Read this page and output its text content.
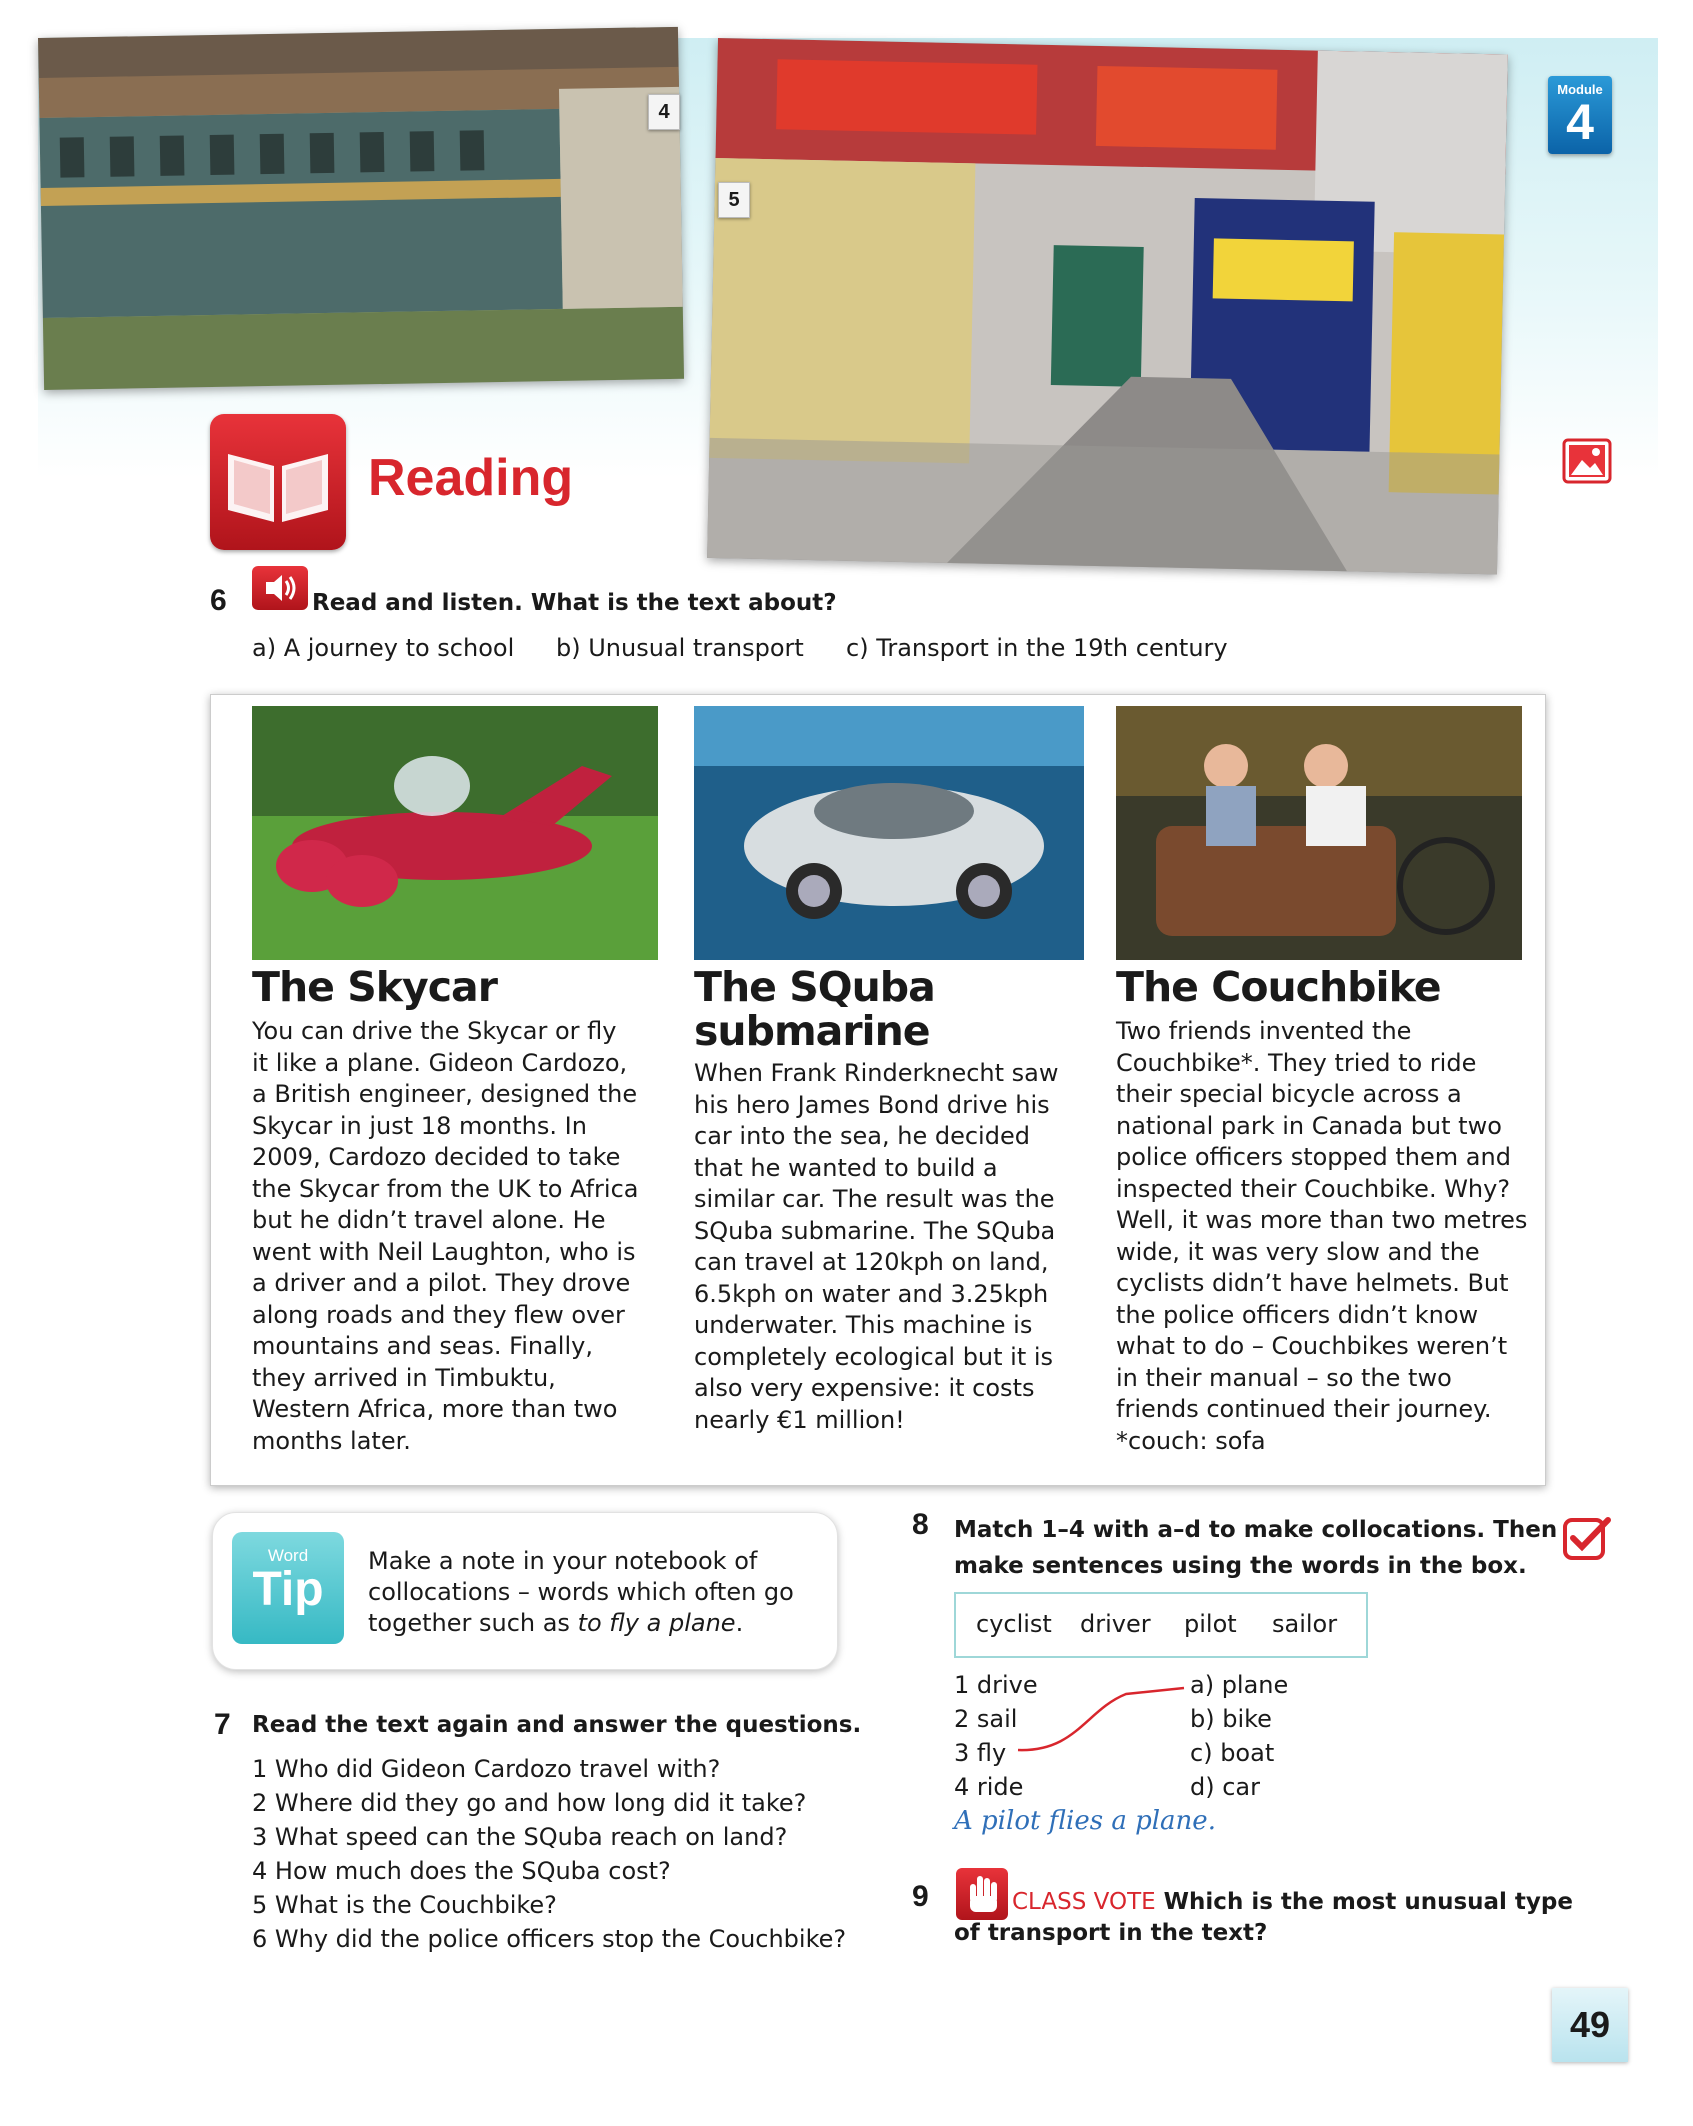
4
5
Module
4
Reading
6	Read and listen. What is the text about?
a) A journey to school b) Unusual transport c) Transport in the 19th century
The Skycar
You can drive the Skycar or fly
it like a plane. Gideon Cardozo,
a British engineer, designed the
Skycar in just 18 months. In
2009, Cardozo decided to take
the Skycar from the UK to Africa
but he didn’t travel alone. He
went with Neil Laughton, who is
a driver and a pilot. They drove
along roads and they flew over
mountains and seas. Finally,
they arrived in Timbuktu,
Western Africa, more than two
months later.
The SQuba
submarine
When Frank Rinderknecht saw
his hero James Bond drive his
car into the sea, he decided
that he wanted to build a
similar car. The result was the
SQuba submarine. The SQuba
can travel at 120kph on land,
6.5kph on water and 3.25kph
underwater. This machine is
completely ecological but it is
also very expensive: it costs
nearly €1 million!
The Couchbike
Two friends invented the
Couchbike*. They tried to ride
their special bicycle across a
national park in Canada but two
police officers stopped them and
inspected their Couchbike. Why?
Well, it was more than two metres
wide, it was very slow and the
cyclists didn’t have helmets. But
the police officers didn’t know
what to do – Couchbikes weren’t
in their manual – so the two
friends continued their journey.
*couch: sofa
Word
Tip
Make a note in your notebook of
collocations – words which often go
together such as to fly a plane.
7 Read the text again and answer the questions.
1 Who did Gideon Cardozo travel with?
2 Where did they go and how long did it take?
3 What speed can the SQuba reach on land?
4 How much does the SQuba cost?
5 What is the Couchbike?
6 Why did the police officers stop the Couchbike?
8 Match 1–4 with a–d to make collocations. Then
make sentences using the words in the box.
cyclist driver pilot sailor
1 drive
2 sail
3 fly
4 ride
a) plane
b) bike
c) boat
d) car
A pilot flies a plane.
9	CLASS VOTE Which is the most unusual type
of transport in the text?
49
